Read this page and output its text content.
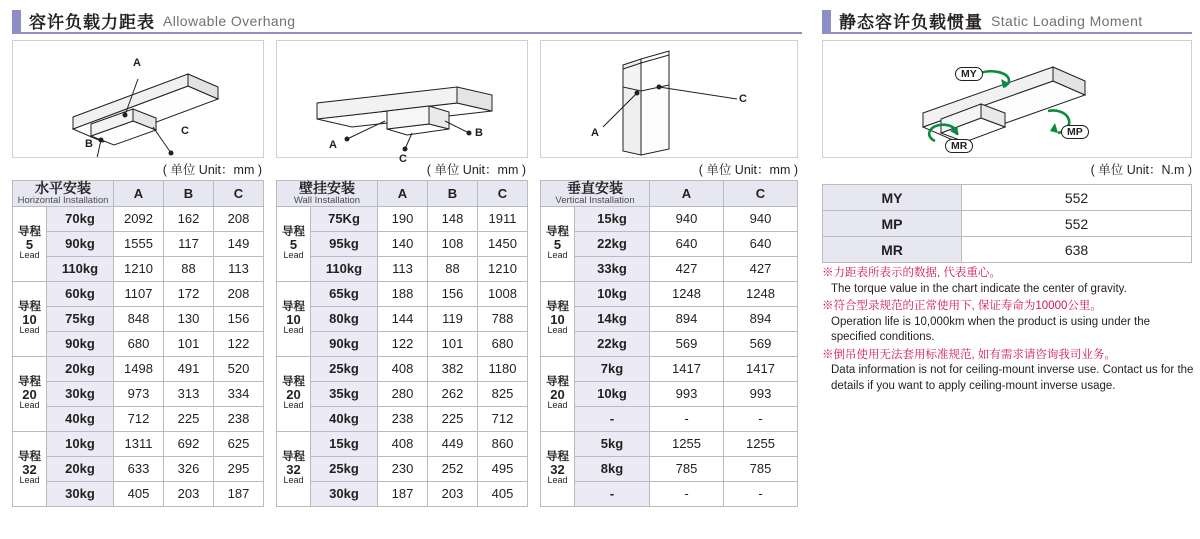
容许负载力距表 Allowable Overhang	静态容许负载惯量 Static Loading Moment
A
B
C
( 单位 Unit：mm )
A
B
C
( 单位 Unit：mm )
A
C
( 单位 Unit：mm )
MY
MP
MR
( 单位 Unit：N.m )
水平安装
Horizontal Installation		A	B	C

导程
5
Lead	70kg	2092	162	208
	90kg	1555	117	149
	110kg	1210	88	113

导程
10
Lead	60kg	1107	172	208
	75kg	848	130	156
	90kg	680	101	122

导程
20
Lead	20kg	1498	491	520
	30kg	973	313	334
	40kg	712	225	238

导程
32
Lead	10kg	1311	692	625
	20kg	633	326	295
	30kg	405	203	187
壁挂安装
Wall Installation		A	B	C

导程
5
Lead	75Kg	190	148	1911
	95kg	140	108	1450
	110kg	113	88	1210

导程
10
Lead	65kg	188	156	1008
	80kg	144	119	788
	90kg	122	101	680

导程
20
Lead	25kg	408	382	1180
	35kg	280	262	825
	40kg	238	225	712

导程
32
Lead	15kg	408	449	860
	25kg	230	252	495
	30kg	187	203	405
垂直安装
Vertical Installation		A	C

导程
5
Lead	15kg	940	940
	22kg	640	640
	33kg	427	427

导程
10
Lead	10kg	1248	1248
	14kg	894	894
	22kg	569	569

导程
20
Lead	7kg	1417	1417
	10kg	993	993
	-	-	-

导程
32
Lead	5kg	1255	1255
	8kg	785	785
	-	-	-
MY	552
MP	552
MR	638
※力距表所表示的数据, 代表重心。
The torque value in the chart indicate the center of gravity.
※符合型录规范的正常使用下, 保证寿命为10000公里。
Operation life is 10,000km when the product is using under the specified conditions.
※倒吊使用无法套用标准规范, 如有需求请咨询我司业务。
Data information is not for ceiling-mount inverse use. Contact us for the details if you want to apply ceiling-mount inverse usage.
